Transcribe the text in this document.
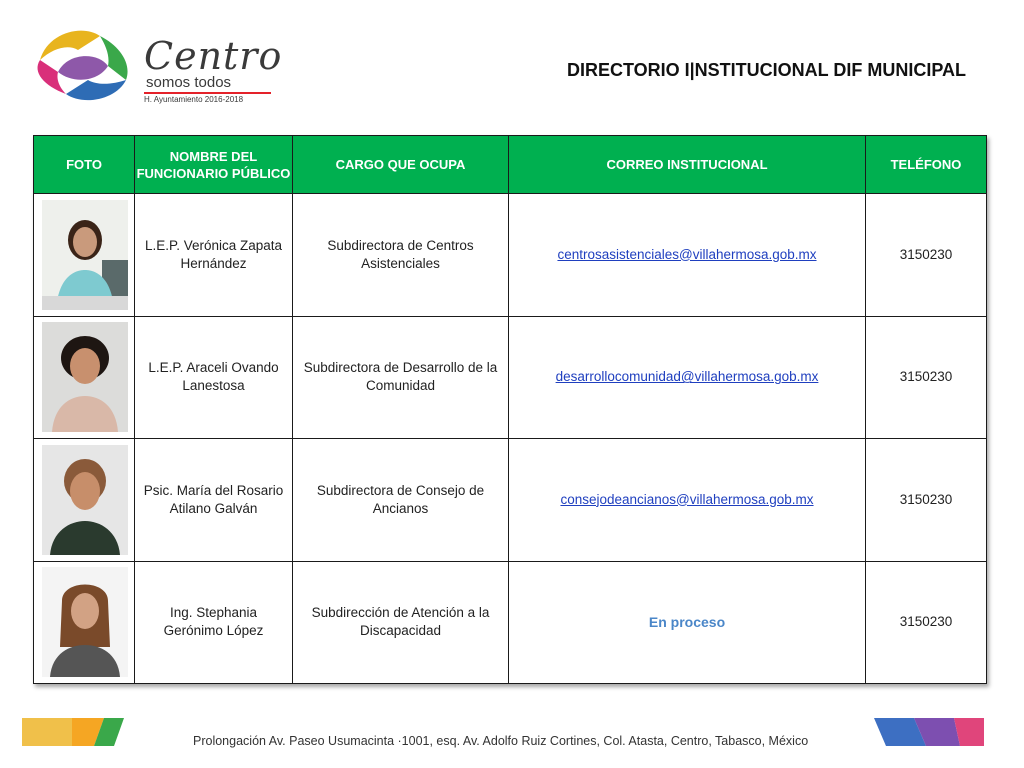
Centro
somos todos
H. Ayuntamiento 2016-2018
DIRECTORIO I|NSTITUCIONAL DIF MUNICIPAL
FOTO	NOMBRE DEL FUNCIONARIO PÚBLICO	CARGO QUE OCUPA	CORREO INSTITUCIONAL	TELÉFONO

	L.E.P. Verónica Zapata Hernández	Subdirectora de Centros Asistenciales	centrosasistenciales@villahermosa.gob.mx	3150230

	L.E.P. Araceli Ovando Lanestosa	Subdirectora de Desarrollo de la Comunidad	desarrollocomunidad@villahermosa.gob.mx	3150230

	Psic. María del Rosario Atilano Galván	Subdirectora de Consejo de Ancianos	consejodeancianos@villahermosa.gob.mx	3150230

	Ing. Stephania Gerónimo López	Subdirección de Atención a la Discapacidad	En proceso	3150230
Prolongación Av. Paseo Usumacinta ·1001, esq. Av. Adolfo Ruiz Cortines, Col. Atasta, Centro, Tabasco, México
